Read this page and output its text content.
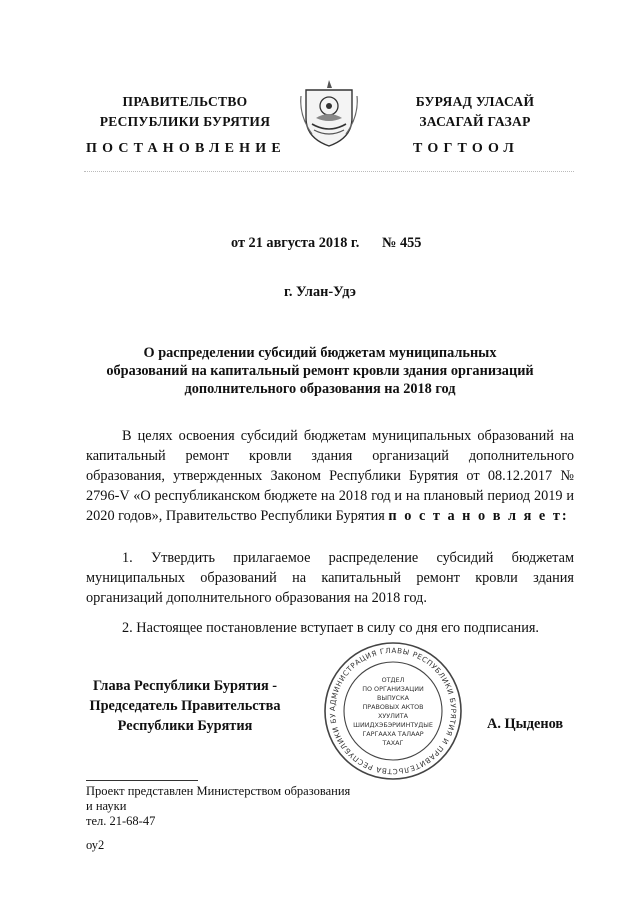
ПРАВИТЕЛЬСТВО
РЕСПУБЛИКИ БУРЯТИЯ
БУРЯАД УЛАСАЙ
ЗАСАГАЙ ГАЗАР
ПОСТАНОВЛЕНИЕ	ТОГТООЛ
от 21 августа 2018 г. № 455
г. Улан-Удэ
О распределении субсидий бюджетам муниципальных
образований на капитальный ремонт кровли здания организаций
дополнительного образования на 2018 год
В целях освоения субсидий бюджетам муниципальных образований на капитальный ремонт кровли здания организаций дополнительного образования, утвержденных Законом Республики Бурятия от 08.12.2017 № 2796-V «О республиканском бюджете на 2018 год и на плановый период 2019 и 2020 годов», Правительство Республики Бурятия п о с т а н о в л я е т:
1. Утвердить прилагаемое распределение субсидий бюджетам муниципальных образований на капитальный ремонт кровли здания организаций дополнительного образования на 2018 год.
2. Настоящее постановление вступает в силу со дня его подписания.
Глава Республики Бурятия -
Председатель Правительства
Республики Бурятия
АДМИНИСТРАЦИЯ ГЛАВЫ РЕСПУБЛИКИ БУРЯТИЯ И ПРАВИТЕЛЬСТВА РЕСПУБЛИКИ БУ
ОТДЕЛ
ПО ОРГАНИЗАЦИИ
ВЫПУСКА
ПРАВОВЫХ АКТОВ
ХУУЛИТА
ШИИДХЭБЭРИИНТУДЫЕ
ГАРГААХА ТАЛААР
ТАХАГ
А. Цыденов
Проект представлен Министерством образования
и науки
тел. 21-68-47
оу2
